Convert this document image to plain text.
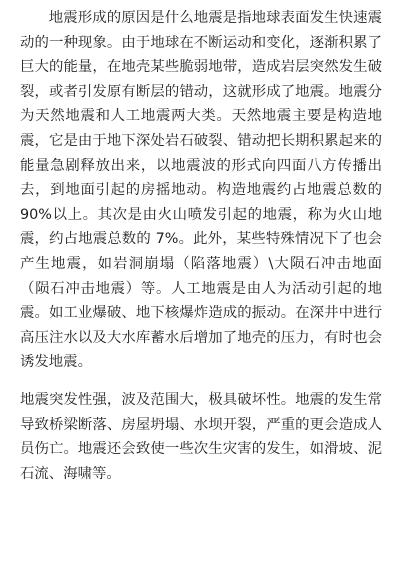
地震形成的原因是什么地震是指地球表面发生快速震动的一种现象。由于地球在不断运动和变化，逐渐积累了巨大的能量，在地壳某些脆弱地带，造成岩层突然发生破裂，或者引发原有断层的错动，这就形成了地震。地震分为天然地震和人工地震两大类。天然地震主要是构造地震，它是由于地下深处岩石破裂、错动把长期积累起来的能量急剧释放出来，以地震波的形式向四面八方传播出去，到地面引起的房摇地动。构造地震约占地震总数的 90%以上。其次是由火山喷发引起的地震，称为火山地震，约占地震总数的 7%。此外，某些特殊情况下了也会产生地震，如岩洞崩塌（陷落地震）\大陨石冲击地面（陨石冲击地震）等。人工地震是由人为活动引起的地震。如工业爆破、地下核爆炸造成的振动。在深井中进行高压注水以及大水库蓄水后增加了地壳的压力，有时也会诱发地震。

地震突发性强，波及范围大，极具破坏性。地震的发生常导致桥梁断落、房屋坍塌、水坝开裂，严重的更会造成人员伤亡。地震还会致使一些次生灾害的发生，如滑坡、泥石流、海啸等。
